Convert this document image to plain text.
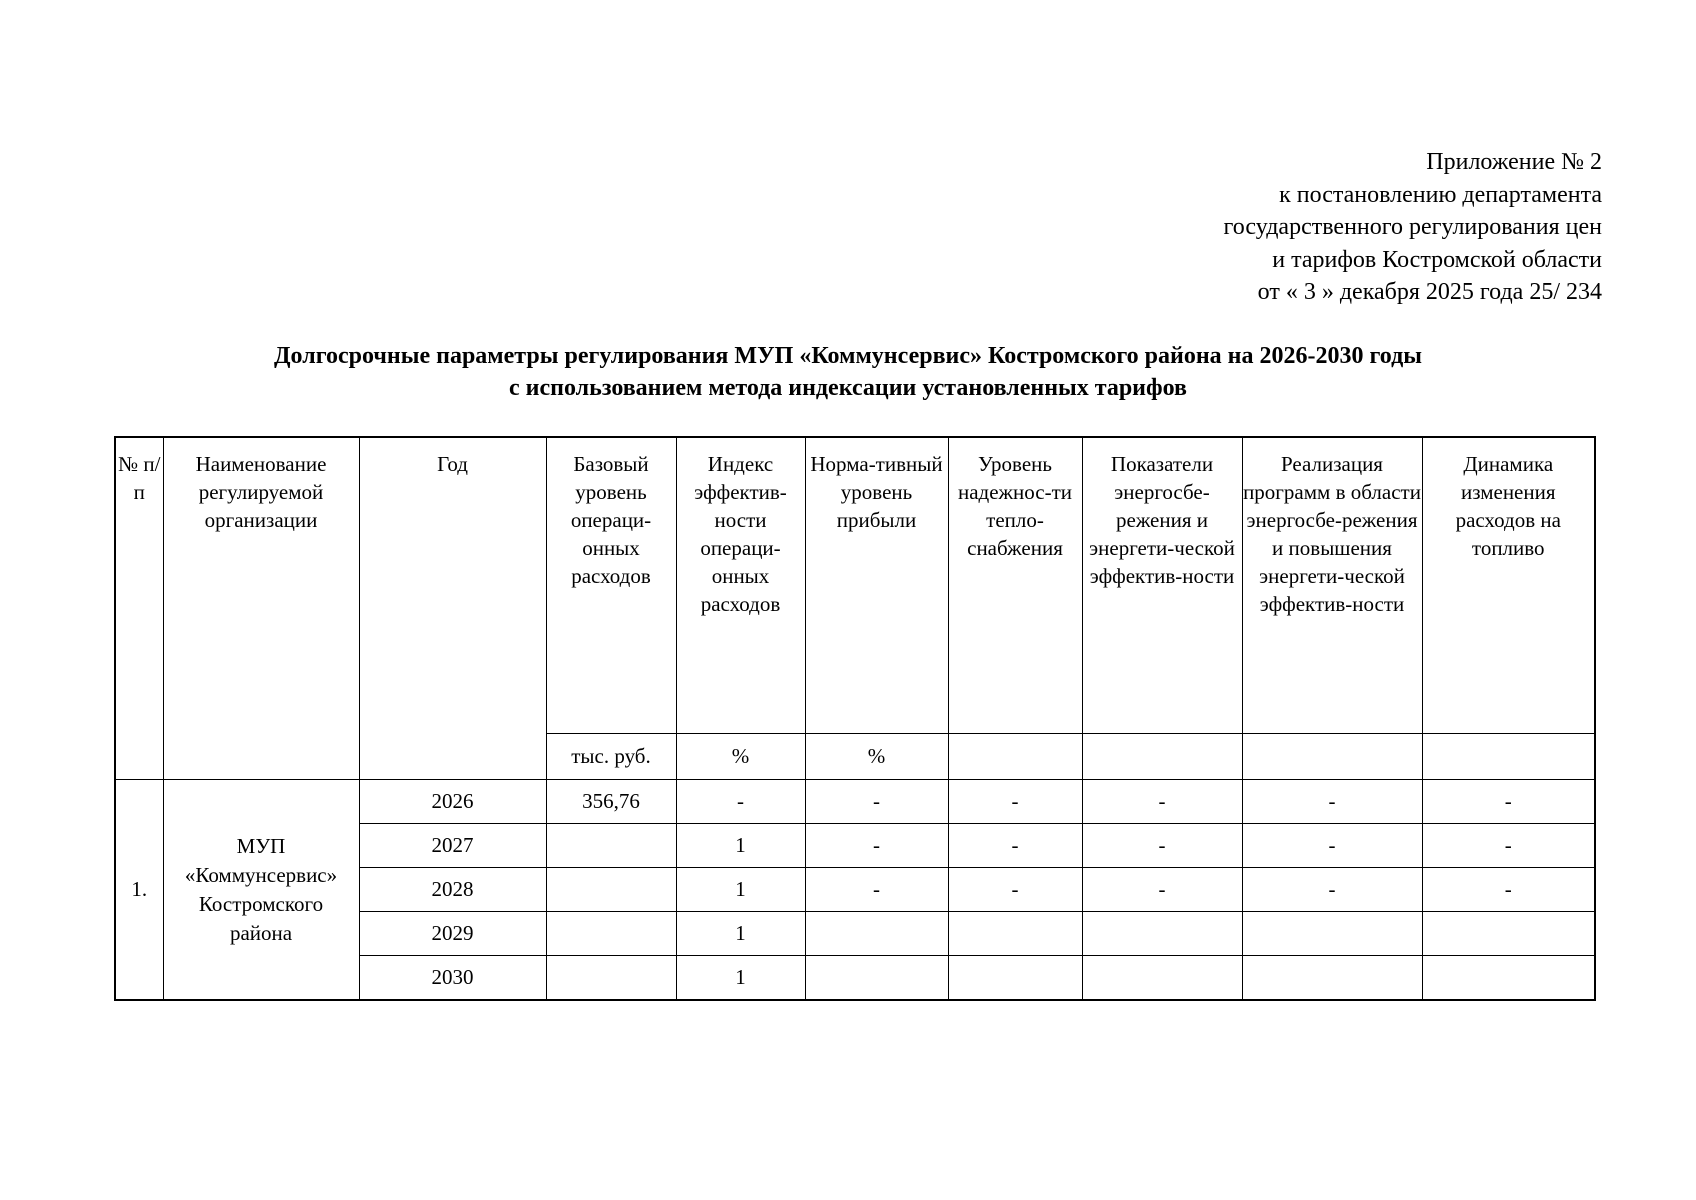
Приложение № 2
к постановлению департамента
государственного регулирования цен
и тарифов Костромской области
от « 3 » декабря 2025 года 25/ 234
Долгосрочные параметры регулирования МУП «Коммунсервис» Костромского района на 2026-2030 годы
с использованием метода индексации установленных тарифов
№ п/п	Наименование регулируемой организации	Год	Базовый уровень операци-онных расходов	Индекс эффектив-ности операци-онных расходов	Норма-тивный уровень прибыли	Уровень надежнос-ти тепло-снабжения	Показатели энергосбе-режения и энергети-ческой эффектив-ности	Реализация программ в области энергосбе-режения и повышения энергети-ческой эффектив-ности	Динамика изменения расходов на топливо
			тыс. руб.	%	%				
1.	МУП
«Коммунсервис»
Костромского
района	2026	356,76	-	-	-	-	-	-
		2027		1	-	-	-	-	-
		2028		1	-	-	-	-	-
		2029		1					
		2030		1					
